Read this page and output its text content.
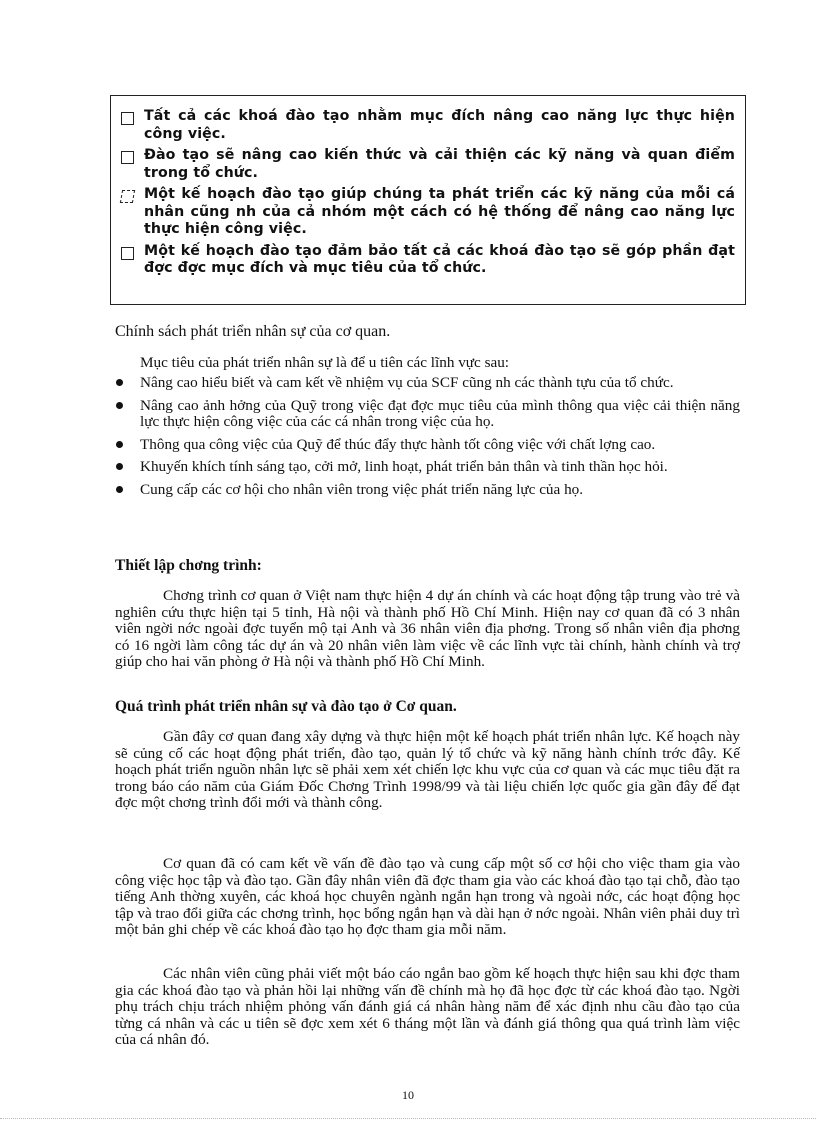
Tất cả các khoá đào tạo nhằm mục đích nâng cao năng lực thực hiện công việc.
Đào tạo sẽ nâng cao kiến thức và cải thiện các kỹ năng và quan điểm trong tổ chức.
Một kế hoạch đào tạo giúp chúng ta phát triển các kỹ năng của mỗi cá nhân cũng nh của cả nhóm một cách có hệ thống để nâng cao năng lực thực hiện công việc.
Một kế hoạch đào tạo đảm bảo tất cả các khoá đào tạo sẽ góp phần đạt đợc đợc mục đích và mục tiêu của tổ chức.
Chính sách phát triển nhân sự của cơ quan.
Mục tiêu của phát triển nhân sự là để u tiên các lĩnh vực sau:
Nâng cao hiểu biết và cam kết về nhiệm vụ của SCF cũng nh các thành tựu của tổ chức.
Nâng cao ảnh hởng của Quỹ trong việc đạt đợc mục tiêu của mình thông qua việc cải thiện năng lực thực hiện công việc của các cá nhân trong việc của họ.
Thông qua công việc của Quỹ để thúc đẩy thực hành tốt công việc với chất lợng cao.
Khuyến khích tính sáng tạo, cởi mở, linh hoạt, phát triển bản thân và tinh thần học hỏi.
Cung cấp các cơ hội cho nhân viên trong việc phát triển năng lực của họ.
Thiết lập chơng trình:
Chơng trình cơ quan ở Việt nam thực hiện 4 dự án chính và các hoạt động tập trung vào trẻ và nghiên cứu thực hiện tại 5 tỉnh, Hà nội và thành phố Hồ Chí Minh. Hiện nay cơ quan đã có 3 nhân viên ngời nớc ngoài đợc tuyển mộ tại Anh và 36 nhân viên địa phơng. Trong số nhân viên địa phơng có 16 ngời làm công tác dự án và 20 nhân viên làm việc về các lĩnh vực tài chính, hành chính và trợ giúp cho hai văn phòng ở Hà nội và thành phố Hồ Chí Minh.
Quá trình phát triển nhân sự và đào tạo ở Cơ quan.
Gần đây cơ quan đang xây dựng và thực hiện một kế hoạch phát triển nhân lực. Kế hoạch này sẽ củng cố các hoạt động phát triển, đào tạo, quản lý tổ chức và kỹ năng hành chính trớc đây. Kế hoạch phát triển nguồn nhân lực sẽ phải xem xét chiến lợc khu vực của cơ quan và các mục tiêu đặt ra trong báo cáo năm của Giám Đốc Chơng Trình 1998/99 và tài liệu chiến lợc quốc gia gần đây để đạt đợc một chơng trình đổi mới và thành công.
Cơ quan đã có cam kết về vấn đề đào tạo và cung cấp một số cơ hội cho việc tham gia vào công việc học tập và đào tạo. Gần đây nhân viên đã đợc tham gia vào các khoá đào tạo tại chỗ, đào tạo tiếng Anh thờng xuyên, các khoá học chuyên ngành ngắn hạn trong và ngoài nớc, các hoạt động học tập và trao đổi giữa các chơng trình, học bổng ngắn hạn và dài hạn ở nớc ngoài. Nhân viên phải duy trì một bản ghi chép về các khoá đào tạo họ đợc tham gia mỗi năm.
Các nhân viên cũng phải viết một báo cáo ngắn bao gồm kế hoạch thực hiện sau khi đợc tham gia các khoá đào tạo và phản hồi lại những vấn đề chính mà họ đã học đợc từ các khoá đào tạo. Ngời phụ trách chịu trách nhiệm phỏng vấn đánh giá cá nhân hàng năm để xác định nhu cầu đào tạo của từng cá nhân và các u tiên sẽ đợc xem xét 6 tháng một lần và đánh giá thông qua quá trình làm việc của cá nhân đó.
10
